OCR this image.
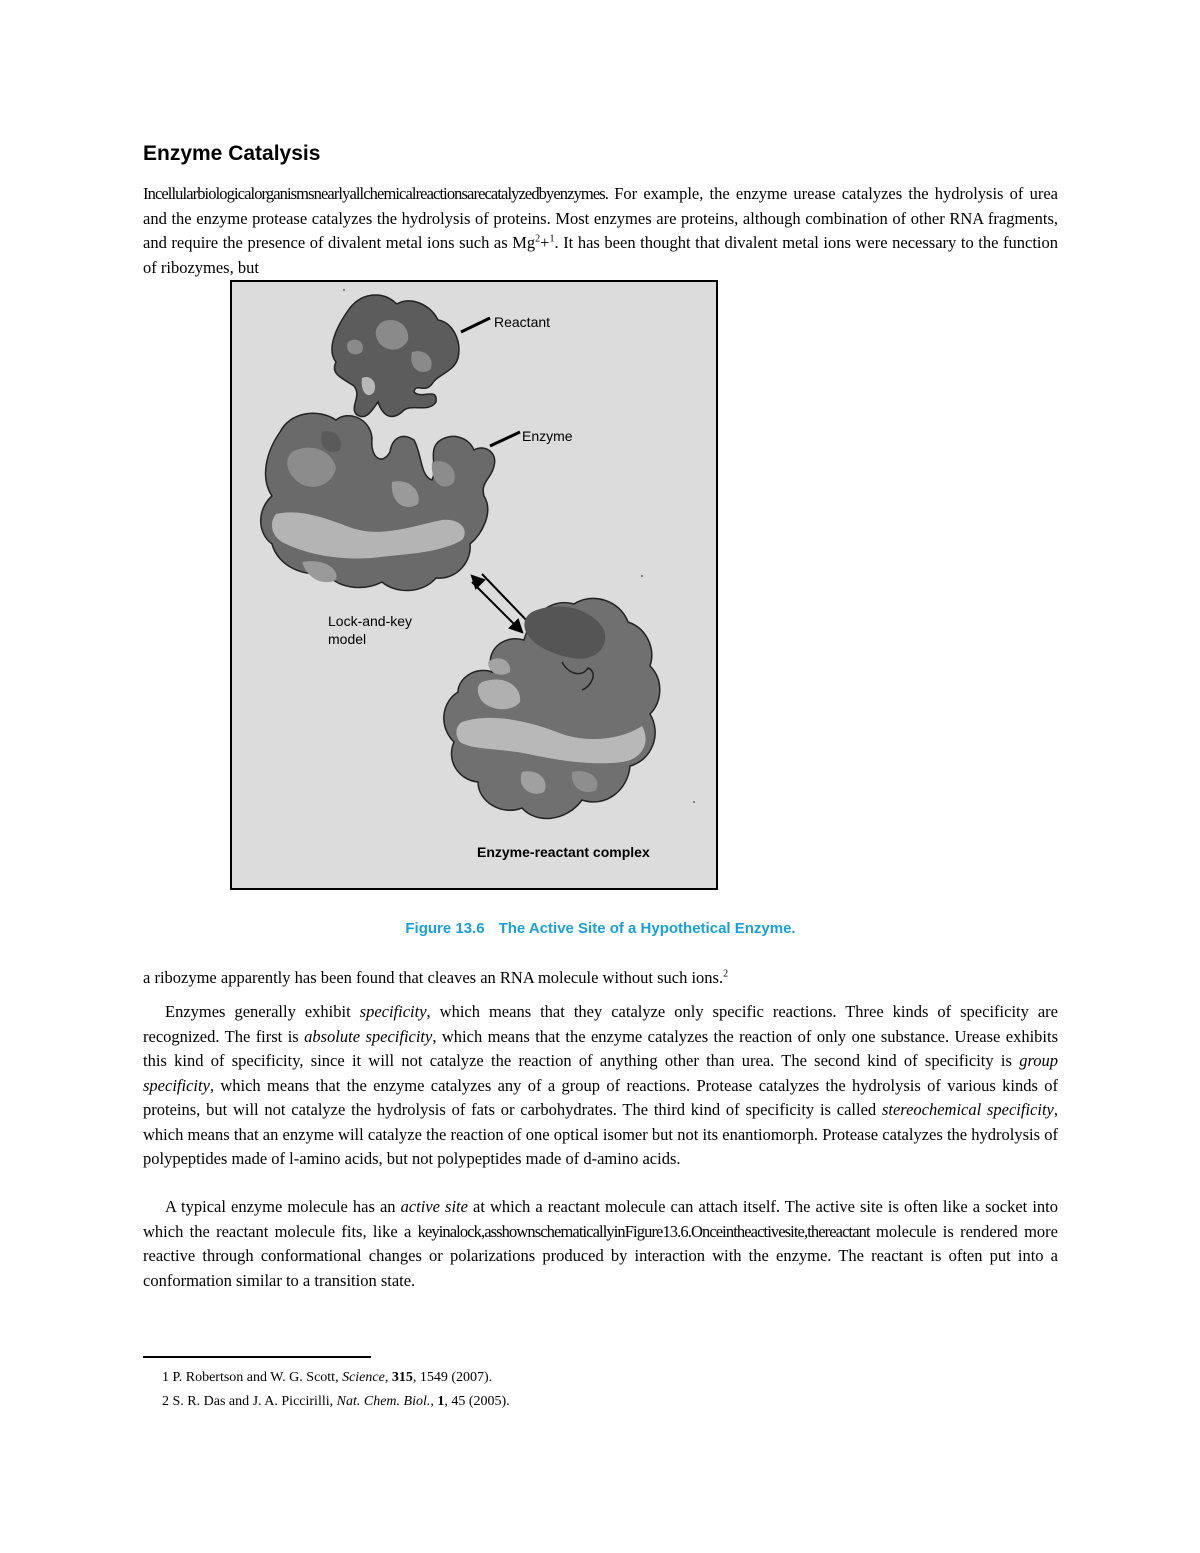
Enzyme Catalysis

Incellularbiologicalorganismsnearlyallchemicalreactionsarecatalyzedbyenzymes. For example, the enzyme urease catalyzes the hydrolysis of urea and the enzyme protease catalyzes the hydrolysis of proteins. Most enzymes are proteins, although combination of other RNA fragments, and require the presence of divalent metal ions such as $Mg^2+^1$. It has been thought that divalent metal ions were necessary to the function of ribozymes, but

Reactant
Enzyme
Lock-and-key
model
Enzyme-reactant complex
Figure 13.6 The Active Site of a Hypothetical Enzyme.

a ribozyme apparently has been found that cleaves an RNA molecule without such ions.$^2$

Enzymes generally exhibit specificity, which means that they catalyze only specific reactions. Three kinds of specificity are recognized. The first is absolute specificity, which means that the enzyme catalyzes the reaction of only one substance. Urease exhibits this kind of specificity, since it will not catalyze the reaction of anything other than urea. The second kind of specificity is group specificity, which means that the enzyme catalyzes any of a group of reactions. Protease catalyzes the hydrolysis of various kinds of proteins, but will not catalyze the hydrolysis of fats or carbohydrates. The third kind of specificity is called stereochemical specificity, which means that an enzyme will catalyze the reaction of one optical isomer but not its enantiomorph. Protease catalyzes the hydrolysis of polypeptides made of l-amino acids, but not polypeptides made of d-amino acids.

A typical enzyme molecule has an active site at which a reactant molecule can attach itself. The active site is often like a socket into which the reactant molecule fits, like a keyinalock,asshownschematicallyinFigure13.6.Onceintheactivesite,thereactant molecule is rendered more reactive through conformational changes or polarizations produced by interaction with the enzyme. The reactant is often put into a conformation similar to a transition state.

1 P. Robertson and W. G. Scott, Science, 315, 1549 (2007).
2 S. R. Das and J. A. Piccirilli, Nat. Chem. Biol., 1, 45 (2005).
